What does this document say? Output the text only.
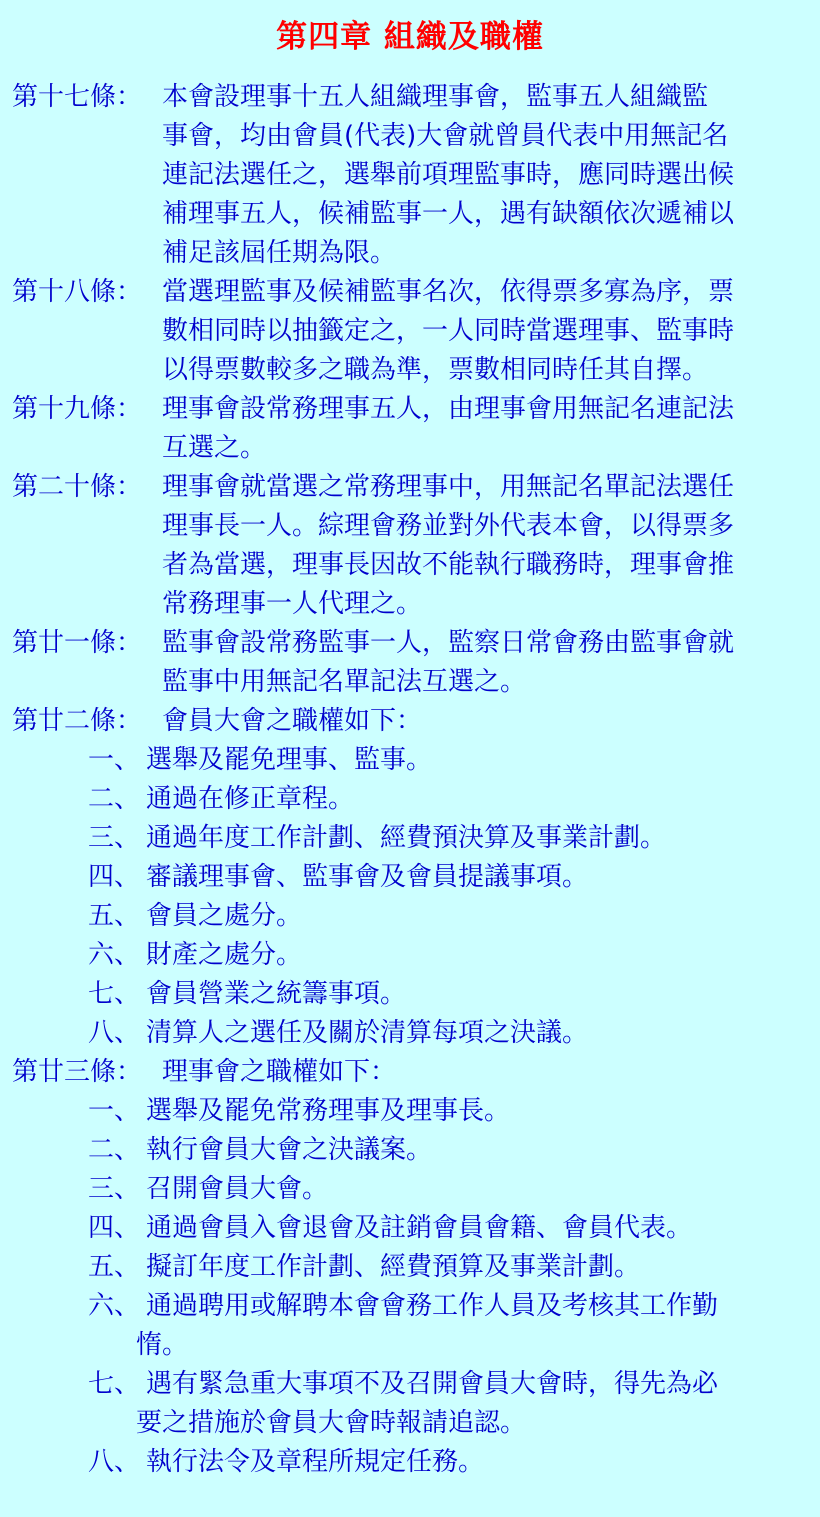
第四章 組織及職權
第十七條： 本會設理事十五人組織理事會，監事五人組織監
事會，均由會員(代表)大會就曾員代表中用無記名
連記法選任之，選舉前項理監事時，應同時選出候
補理事五人，候補監事一人，遇有缺額依次遞補以
補足該屆任期為限。
第十八條： 當選理監事及候補監事名次，依得票多寡為序，票
數相同時以抽籤定之，一人同時當選理事、監事時
以得票數較多之職為準，票數相同時任其自擇。
第十九條： 理事會設常務理事五人，由理事會用無記名連記法
互選之。
第二十條： 理事會就當選之常務理事中，用無記名單記法選任
理事長一人。綜理會務並對外代表本會，以得票多
者為當選，理事長因故不能執行職務時，理事會推
常務理事一人代理之。
第廿一條： 監事會設常務監事一人，監察日常會務由監事會就
監事中用無記名單記法互選之。
第廿二條： 會員大會之職權如下：
一、 選舉及罷免理事、監事。
二、 通過在修正章程。
三、 通過年度工作計劃、經費預決算及事業計劃。
四、 審議理事會、監事會及會員提議事項。
五、 會員之處分。
六、 財產之處分。
七、 會員營業之統籌事項。
八、 清算人之選任及關於清算每項之決議。
第廿三條： 理事會之職權如下：
一、 選舉及罷免常務理事及理事長。
二、 執行會員大會之決議案。
三、 召開會員大會。
四、 通過會員入會退會及註銷會員會籍、會員代表。
五、 擬訂年度工作計劃、經費預算及事業計劃。
六、 通過聘用或解聘本會會務工作人員及考核其工作勤
惰。
七、 遇有緊急重大事項不及召開會員大會時，得先為必
要之措施於會員大會時報請追認。
八、 執行法令及章程所規定任務。
